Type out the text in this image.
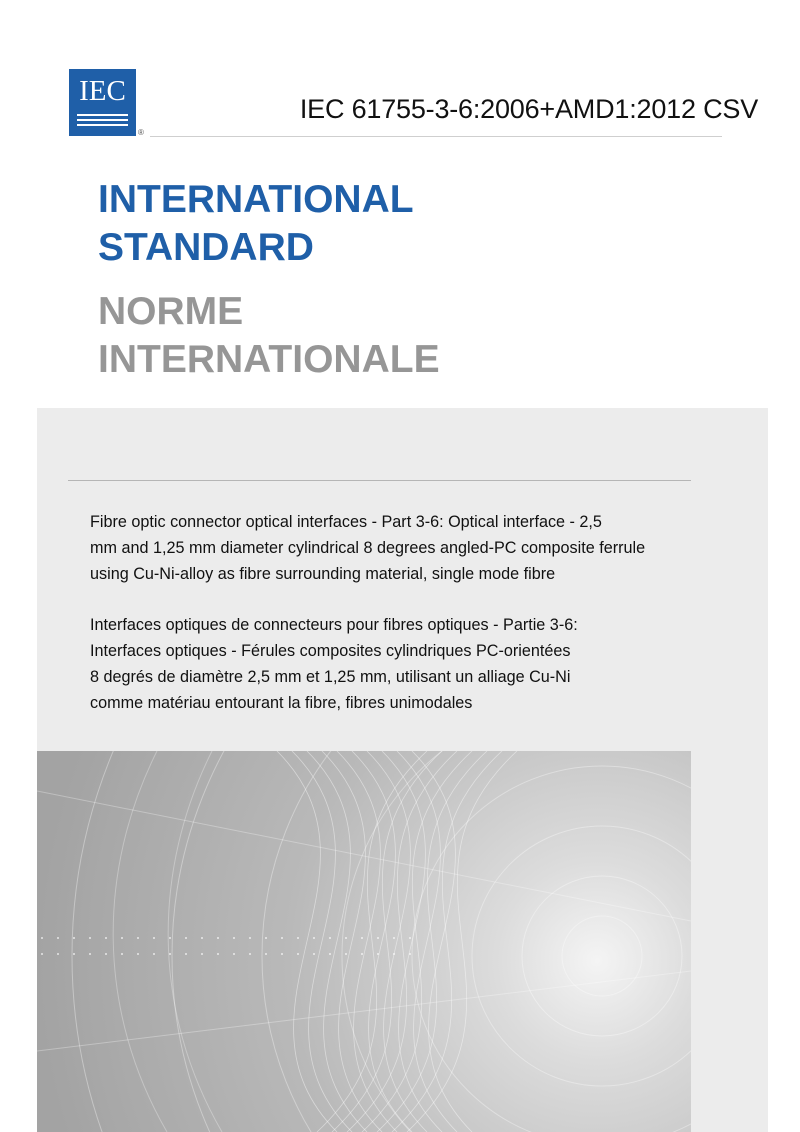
IEC
®
IEC 61755-3-6:2006+AMD1:2012 CSV
INTERNATIONAL
STANDARD
NORME
INTERNATIONALE
Fibre optic connector optical interfaces - Part 3-6: Optical interface - 2,5
mm and 1,25 mm diameter cylindrical 8 degrees angled-PC composite ferrule
using Cu-Ni-alloy as fibre surrounding material, single mode fibre
Interfaces optiques de connecteurs pour fibres optiques - Partie 3-6:
Interfaces optiques - Férules composites cylindriques PC-orientées
8 degrés de diamètre 2,5 mm et 1,25 mm, utilisant un alliage Cu-Ni
comme matériau entourant la fibre, fibres unimodales
